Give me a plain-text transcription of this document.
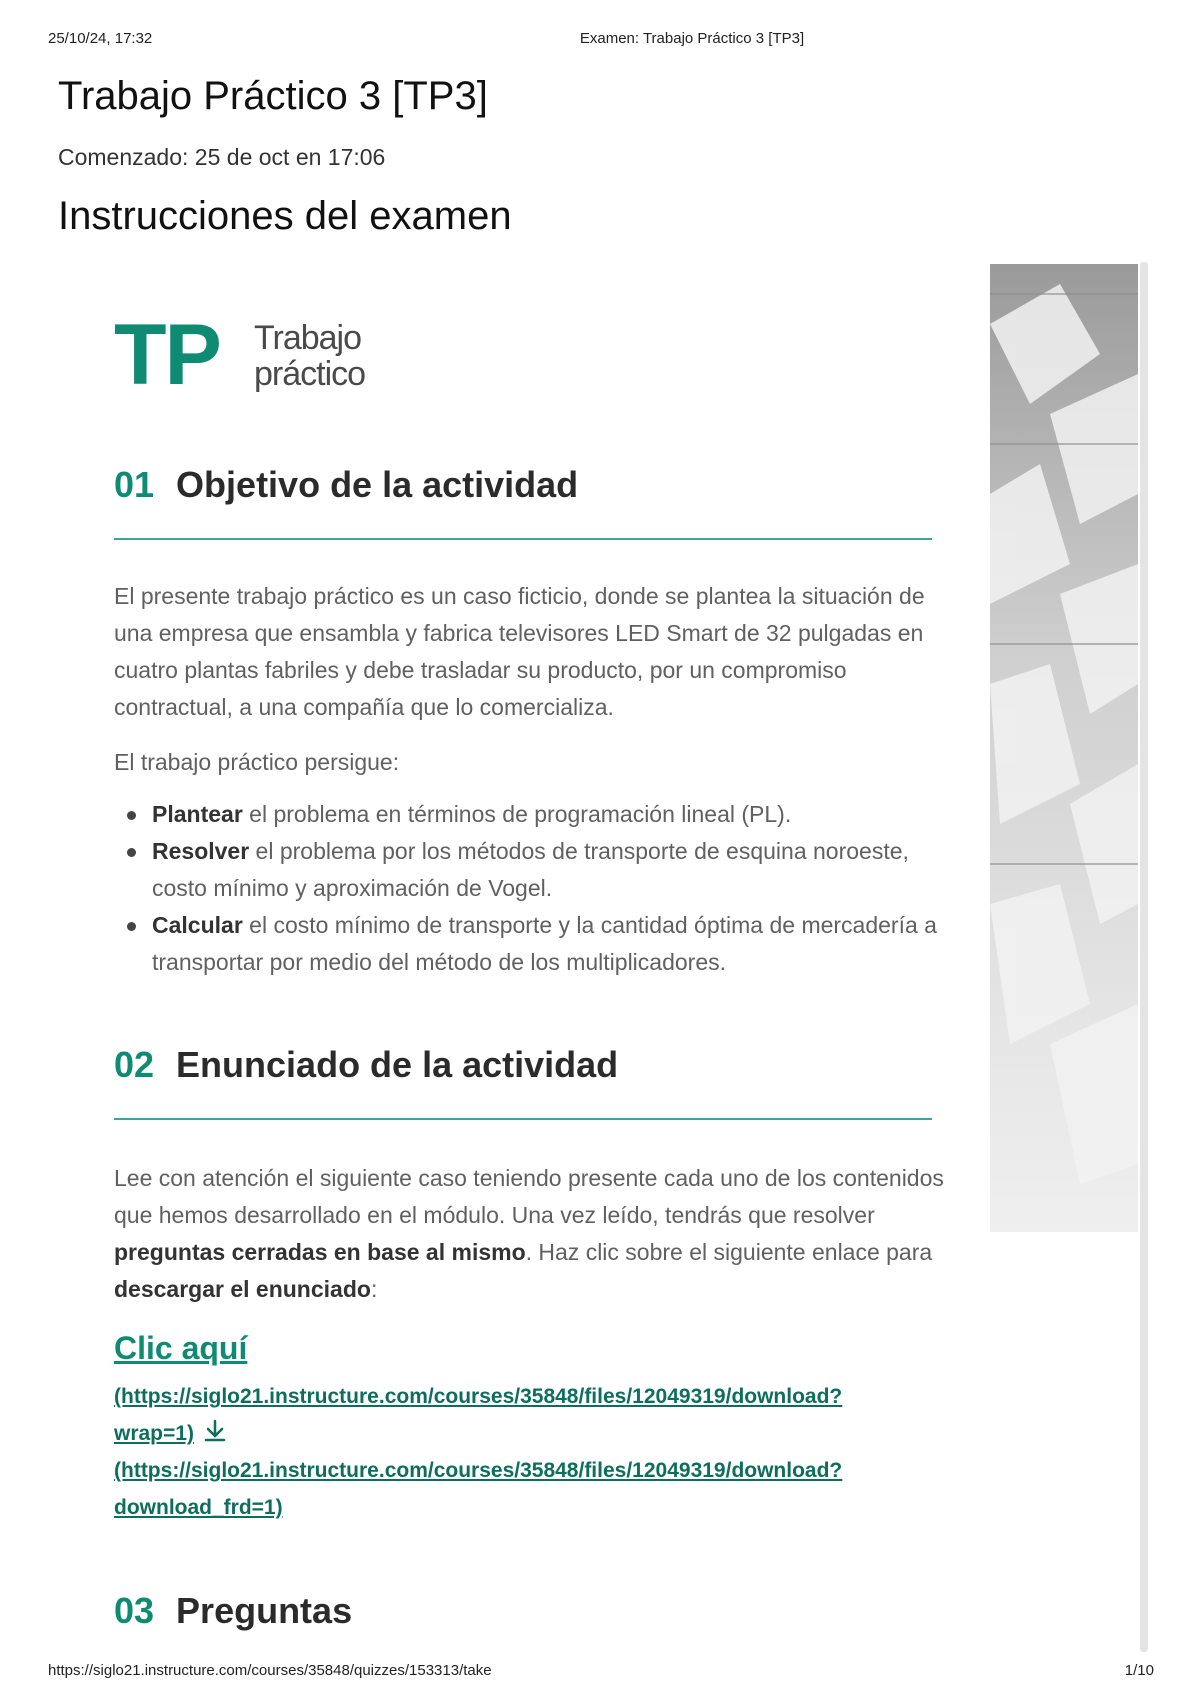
25/10/24, 17:32	Examen: Trabajo Práctico 3 [TP3]
Trabajo Práctico 3 [TP3]
Comenzado: 25 de oct en 17:06
Instrucciones del examen
TP Trabajo
práctico
01 Objetivo de la actividad

El presente trabajo práctico es un caso ficticio, donde se plantea la situación de una empresa que ensambla y fabrica televisores LED Smart de 32 pulgadas en cuatro plantas fabriles y debe trasladar su producto, por un compromiso contractual, a una compañía que lo comercializa.

El trabajo práctico persigue:

Plantear el problema en términos de programación lineal (PL).
Resolver el problema por los métodos de transporte de esquina noroeste, costo mínimo y aproximación de Vogel.
Calcular el costo mínimo de transporte y la cantidad óptima de mercadería a transportar por medio del método de los multiplicadores.
02 Enunciado de la actividad

Lee con atención el siguiente caso teniendo presente cada uno de los contenidos que hemos desarrollado en el módulo. Una vez leído, tendrás que resolver preguntas cerradas en base al mismo. Haz clic sobre el siguiente enlace para descargar el enunciado:

Clic aquí
(https://siglo21.instructure.com/courses/35848/files/12049319/download?wrap=1)
(https://siglo21.instructure.com/courses/35848/files/12049319/download?download_frd=1)
03 Preguntas
https://siglo21.instructure.com/courses/35848/quizzes/153313/take	1/10
